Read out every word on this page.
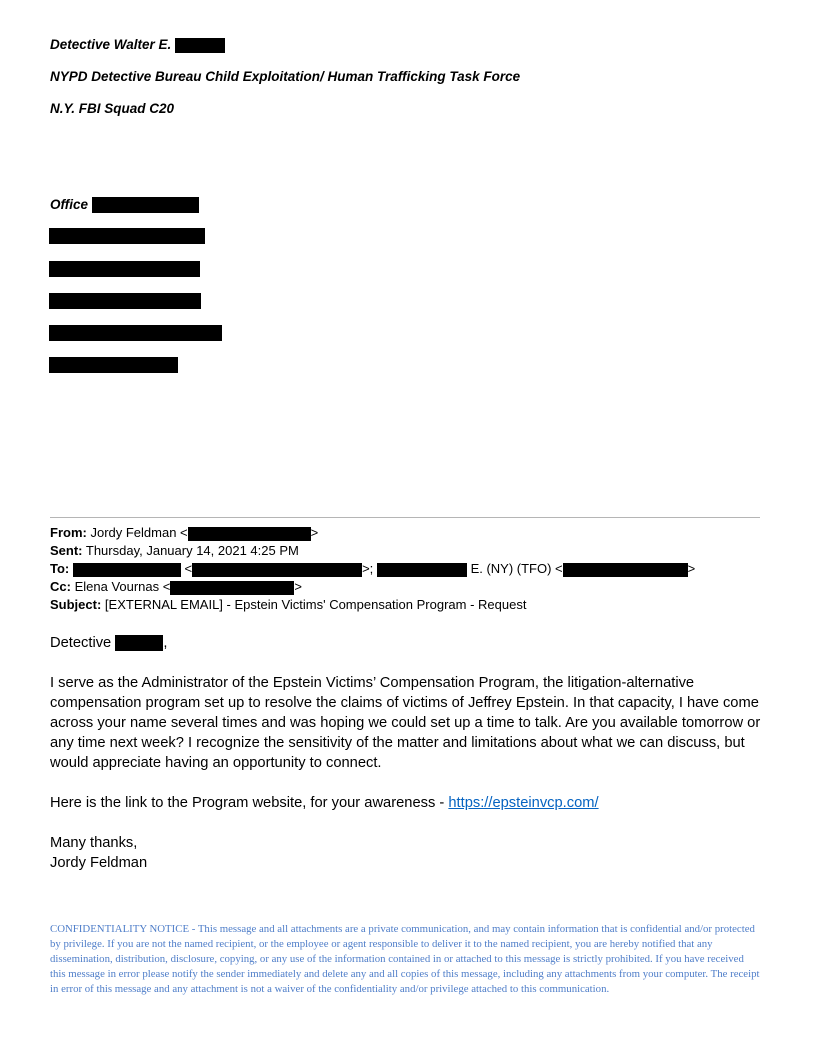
Detective Walter E.
NYPD Detective Bureau Child Exploitation/ Human Trafficking Task Force
N.Y. FBI Squad C20
Office
From: Jordy Feldman <	>
Sent: Thursday, January 14, 2021 4:25 PM
To:	<	>;	E. (NY) (TFO) <	>
Cc: Elena Vournas <	>
Subject: [EXTERNAL EMAIL] - Epstein Victims' Compensation Program - Request
Detective	,

I serve as the Administrator of the Epstein Victims’ Compensation Program, the litigation-alternative compensation program set up to resolve the claims of victims of Jeffrey Epstein. In that capacity, I have come across your name several times and was hoping we could set up a time to talk. Are you available tomorrow or any time next week? I recognize the sensitivity of the matter and limitations about what we can discuss, but would appreciate having an opportunity to connect.

Here is the link to the Program website, for your awareness - https://epsteinvcp.com/

Many thanks,

Jordy Feldman

CONFIDENTIALITY NOTICE - This message and all attachments are a private communication, and may contain information that is confidential and/or protected by privilege. If you are not the named recipient, or the employee or agent responsible to deliver it to the named recipient, you are hereby notified that any dissemination, distribution, disclosure, copying, or any use of the information contained in or attached to this message is strictly prohibited. If you have received this message in error please notify the sender immediately and delete any and all copies of this message, including any attachments from your computer. The receipt in error of this message and any attachment is not a waiver of the confidentiality and/or privilege attached to this communication.
